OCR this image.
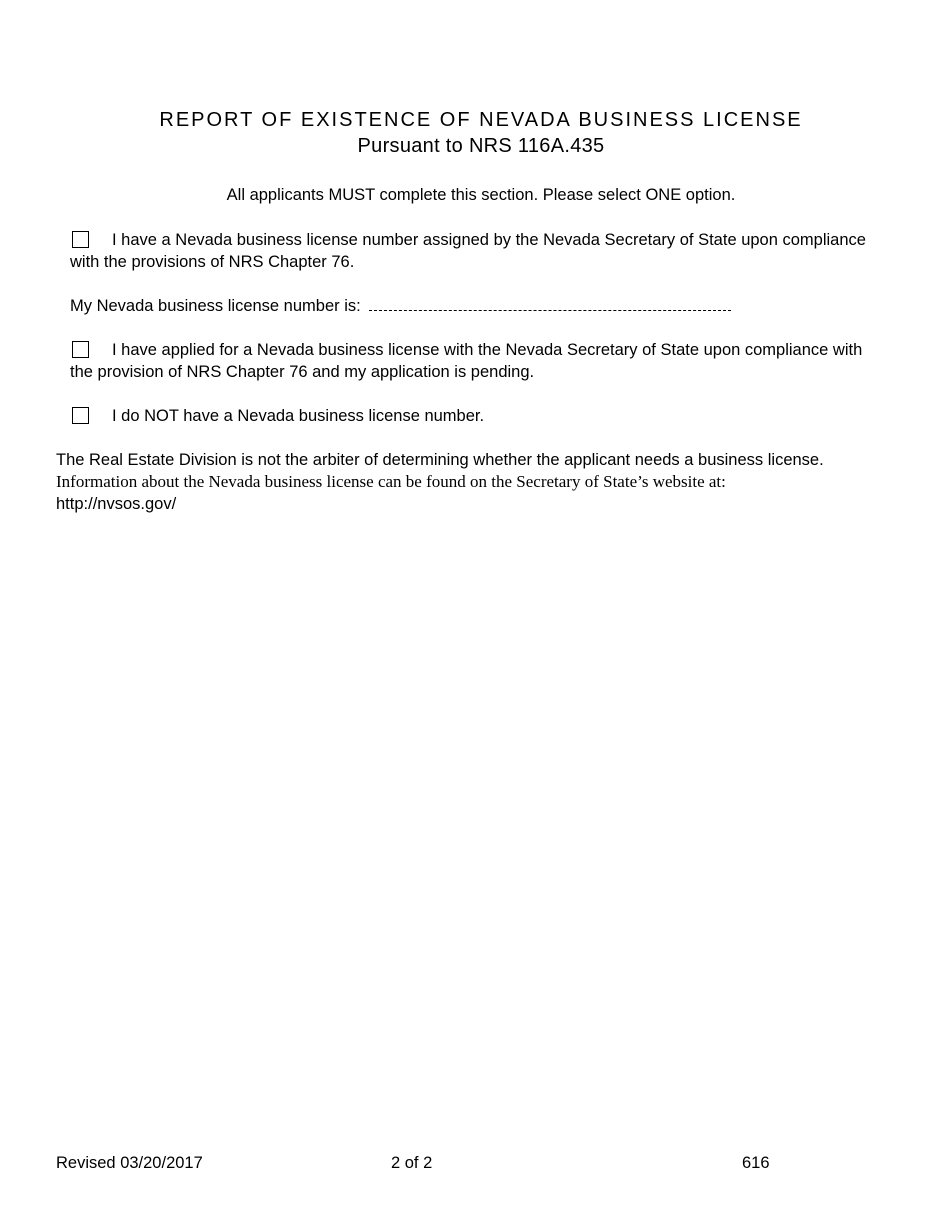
REPORT OF EXISTENCE OF NEVADA BUSINESS LICENSE
Pursuant to NRS 116A.435
All applicants MUST complete this section. Please select ONE option.
I have a Nevada business license number assigned by the Nevada Secretary of State upon compliance with the provisions of NRS Chapter 76.
My Nevada business license number is:
I have applied for a Nevada business license with the Nevada Secretary of State upon compliance with the provision of NRS Chapter 76 and my application is pending.
I do NOT have a Nevada business license number.
The Real Estate Division is not the arbiter of determining whether the applicant needs a business license.
Information about the Nevada business license can be found on the Secretary of State’s website at:
http://nvsos.gov/
Revised 03/20/2017	2 of 2	616
